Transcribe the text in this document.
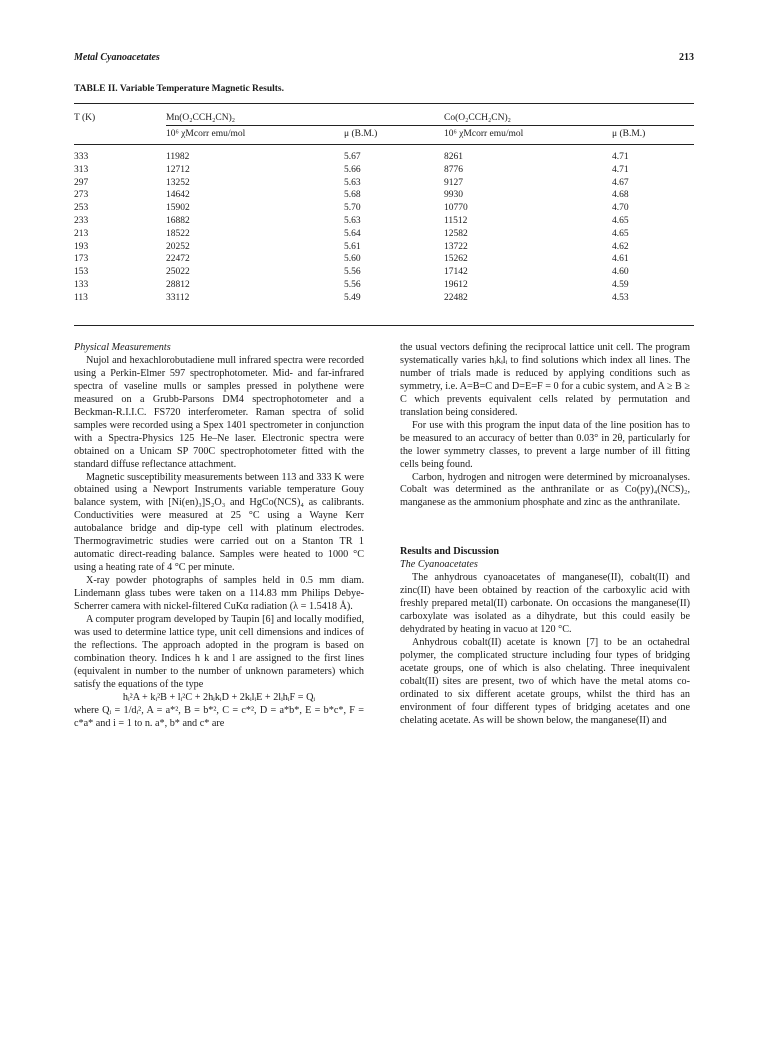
Metal Cyanoacetates	213
TABLE II. Variable Temperature Magnetic Results.
T (K)	Mn(O₂CCH₂CN)₂		Co(O₂CCH₂CN)₂	
	10⁶ χMcorr emu/mol	μ (B.M.)	10⁶ χMcorr emu/mol	μ (B.M.)
333	11982	5.67	8261	4.71
313	12712	5.66	8776	4.71
297	13252	5.63	9127	4.67
273	14642	5.68	9930	4.68
253	15902	5.70	10770	4.70
233	16882	5.63	11512	4.65
213	18522	5.64	12582	4.65
193	20252	5.61	13722	4.62
173	22472	5.60	15262	4.61
153	25022	5.56	17142	4.60
133	28812	5.56	19612	4.59
113	33112	5.49	22482	4.53

Physical Measurements

Nujol and hexachlorobutadiene mull infrared spectra were recorded using a Perkin-Elmer 597 spectrophotometer. Mid- and far-infrared spectra of vaseline mulls or samples pressed in polythene were measured on a Grubb-Parsons DM4 spectrophotometer and a Beckman-R.I.I.C. FS720 interferometer. Raman spectra of solid samples were recorded using a Spex 1401 spectrometer in conjunction with a Spectra-Physics 125 He–Ne laser. Electronic spectra were obtained on a Unicam SP 700C spectrophotometer fitted with the standard diffuse reflectance attachment.

Magnetic susceptibility measurements between 113 and 333 K were obtained using a Newport Instruments variable temperature Gouy balance system, with [Ni(en)₃]S₂O₃ and HgCo(NCS)₄ as calibrants. Conductivities were measured at 25 °C using a Wayne Kerr autobalance bridge and dip-type cell with platinum electrodes. Thermogravimetric studies were carried out on a Stanton TR 1 automatic direct-reading balance. Samples were heated to 1000 °C using a heating rate of 4 °C per minute.

X-ray powder photographs of samples held in 0.5 mm diam. Lindemann glass tubes were taken on a 114.83 mm Philips Debye-Scherrer camera with nickel-filtered CuKα radiation (λ = 1.5418 Å).

A computer program developed by Taupin [6] and locally modified, was used to determine lattice type, unit cell dimensions and indices of the reflections. The approach adopted in the program is based on combination theory. Indices h k and l are assigned to the first lines (equivalent in number to the number of unknown parameters) which satisfy the equations of the type

hᵢ²A + kᵢ²B + lᵢ²C + 2hᵢkᵢD + 2kᵢlᵢE + 2lᵢhᵢF = Qᵢ

where Qᵢ = 1/dᵢ², A = a*², B = b*², C = c*², D = a*b*, E = b*c*, F = c*a* and i = 1 to n. a*, b* and c* are

the usual vectors defining the reciprocal lattice unit cell. The program systematically varies hᵢkᵢlᵢ to find solutions which index all lines. The number of trials made is reduced by applying conditions such as symmetry, i.e. A=B=C and D=E=F = 0 for a cubic system, and A ≥ B ≥ C which prevents equivalent cells related by permutation and translation being considered.

For use with this program the input data of the line position has to be measured to an accuracy of better than 0.03° in 2θ, particularly for the lower symmetry classes, to prevent a large number of ill fitting cells being found.

Carbon, hydrogen and nitrogen were determined by microanalyses. Cobalt was determined as the anthranilate or as Co(py)₄(NCS)₂, manganese as the ammonium phosphate and zinc as the anthranilate.

Results and Discussion

The Cyanoacetates

The anhydrous cyanoacetates of manganese(II), cobalt(II) and zinc(II) have been obtained by reaction of the carboxylic acid with freshly prepared metal(II) carbonate. On occasions the manganese(II) carboxylate was isolated as a dihydrate, but this could easily be dehydrated by heating in vacuo at 120 °C.

Anhydrous cobalt(II) acetate is known [7] to be an octahedral polymer, the complicated structure including four types of bridging acetate groups, one of which is also chelating. Three inequivalent cobalt(II) sites are present, two of which have the metal atoms co-ordinated to six different acetate groups, whilst the third has an environment of four different types of bridging acetates and one chelating acetate. As will be shown below, the manganese(II) and
